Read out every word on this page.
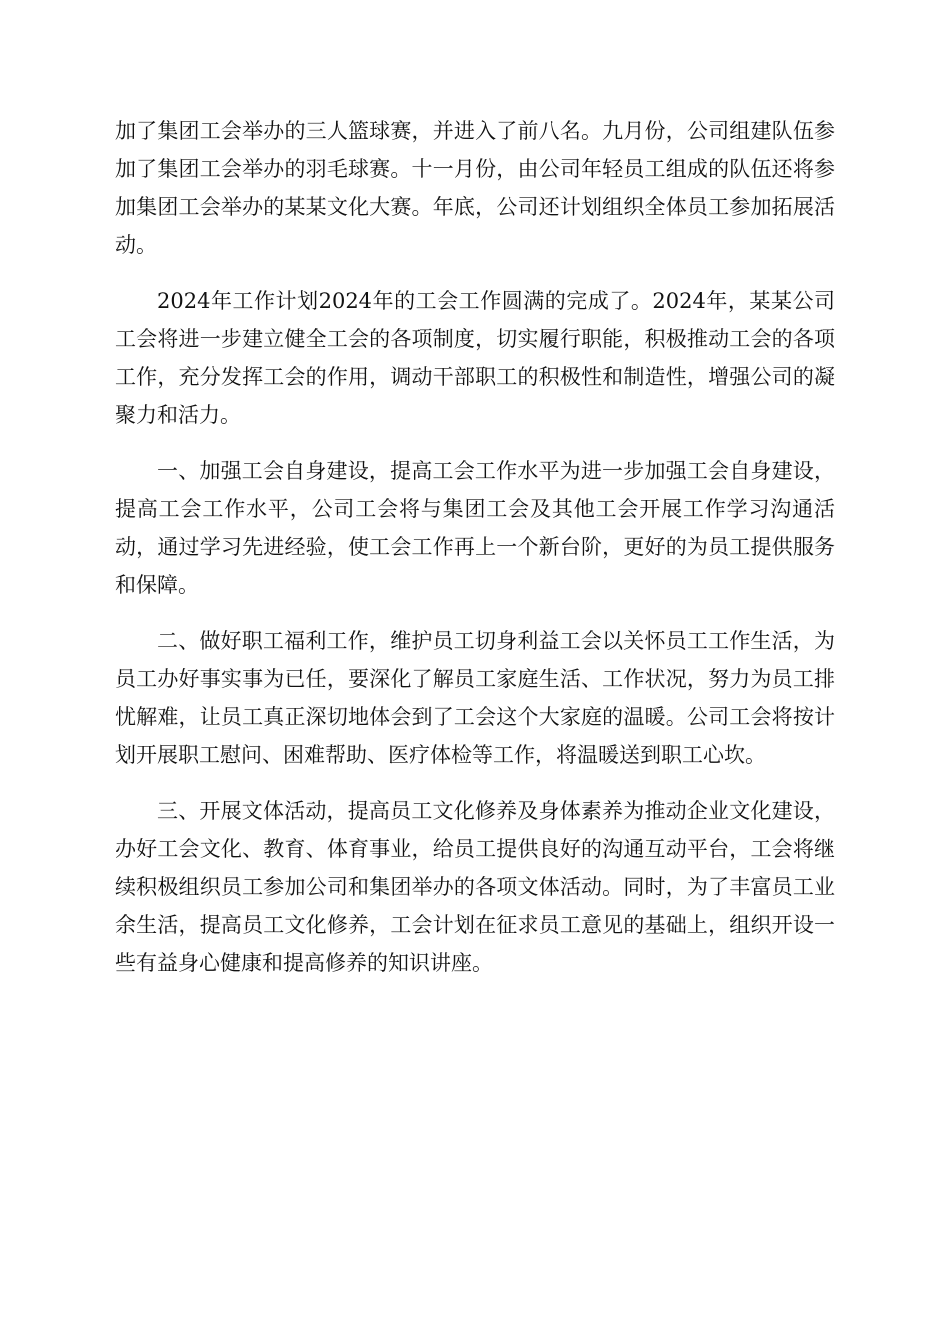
加了集团工会举办的三人篮球赛，并进入了前八名。九月份，公司组建队伍参加了集团工会举办的羽毛球赛。十一月份，由公司年轻员工组成的队伍还将参加集团工会举办的某某文化大赛。年底，公司还计划组织全体员工参加拓展活动。

2024年工作计划2024年的工会工作圆满的完成了。2024年，某某公司工会将进一步建立健全工会的各项制度，切实履行职能，积极推动工会的各项工作，充分发挥工会的作用，调动干部职工的积极性和制造性，增强公司的凝聚力和活力。

一、加强工会自身建设，提高工会工作水平为进一步加强工会自身建设，提高工会工作水平，公司工会将与集团工会及其他工会开展工作学习沟通活动，通过学习先进经验，使工会工作再上一个新台阶，更好的为员工提供服务和保障。

二、做好职工福利工作，维护员工切身利益工会以关怀员工工作生活，为员工办好事实事为已任，要深化了解员工家庭生活、工作状况，努力为员工排忧解难，让员工真正深切地体会到了工会这个大家庭的温暖。公司工会将按计划开展职工慰问、困难帮助、医疗体检等工作，将温暖送到职工心坎。

三、开展文体活动，提高员工文化修养及身体素养为推动企业文化建设，办好工会文化、教育、体育事业，给员工提供良好的沟通互动平台，工会将继续积极组织员工参加公司和集团举办的各项文体活动。同时，为了丰富员工业余生活，提高员工文化修养，工会计划在征求员工意见的基础上，组织开设一些有益身心健康和提高修养的知识讲座。
